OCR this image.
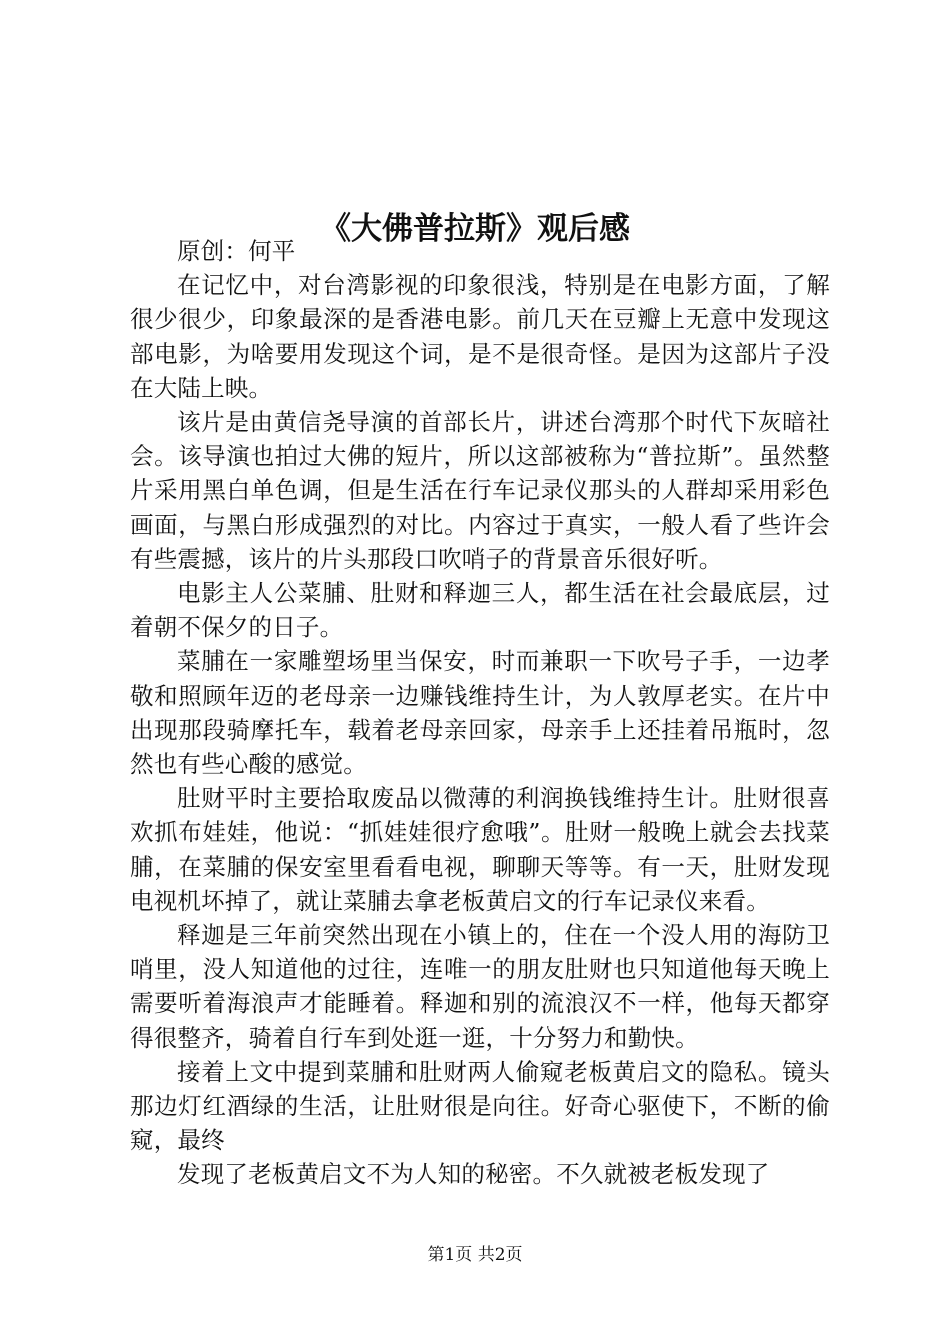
《大佛普拉斯》观后感

原创：何平

在记忆中，对台湾影视的印象很浅，特别是在电影方面，了解很少很少，印象最深的是香港电影。前几天在豆瓣上无意中发现这部电影，为啥要用发现这个词，是不是很奇怪。是因为这部片子没在大陆上映。

该片是由黄信尧导演的首部长片，讲述台湾那个时代下灰暗社会。该导演也拍过大佛的短片，所以这部被称为“普拉斯”。虽然整片采用黑白单色调，但是生活在行车记录仪那头的人群却采用彩色画面，与黑白形成强烈的对比。内容过于真实，一般人看了些许会有些震撼，该片的片头那段口吹哨子的背景音乐很好听。

电影主人公菜脯、肚财和释迦三人，都生活在社会最底层，过着朝不保夕的日子。

菜脯在一家雕塑场里当保安，时而兼职一下吹号子手，一边孝敬和照顾年迈的老母亲一边赚钱维持生计，为人敦厚老实。在片中出现那段骑摩托车，载着老母亲回家，母亲手上还挂着吊瓶时，忽然也有些心酸的感觉。

肚财平时主要拾取废品以微薄的利润换钱维持生计。肚财很喜欢抓布娃娃，他说：“抓娃娃很疗愈哦”。肚财一般晚上就会去找菜脯，在菜脯的保安室里看看电视，聊聊天等等。有一天，肚财发现电视机坏掉了，就让菜脯去拿老板黄启文的行车记录仪来看。

释迦是三年前突然出现在小镇上的，住在一个没人用的海防卫哨里，没人知道他的过往，连唯一的朋友肚财也只知道他每天晚上需要听着海浪声才能睡着。释迦和别的流浪汉不一样，他每天都穿得很整齐，骑着自行车到处逛一逛，十分努力和勤快。

接着上文中提到菜脯和肚财两人偷窥老板黄启文的隐私。镜头那边灯红酒绿的生活，让肚财很是向往。好奇心驱使下，不断的偷窥，最终

发现了老板黄启文不为人知的秘密。不久就被老板发现了

第1页 共2页
